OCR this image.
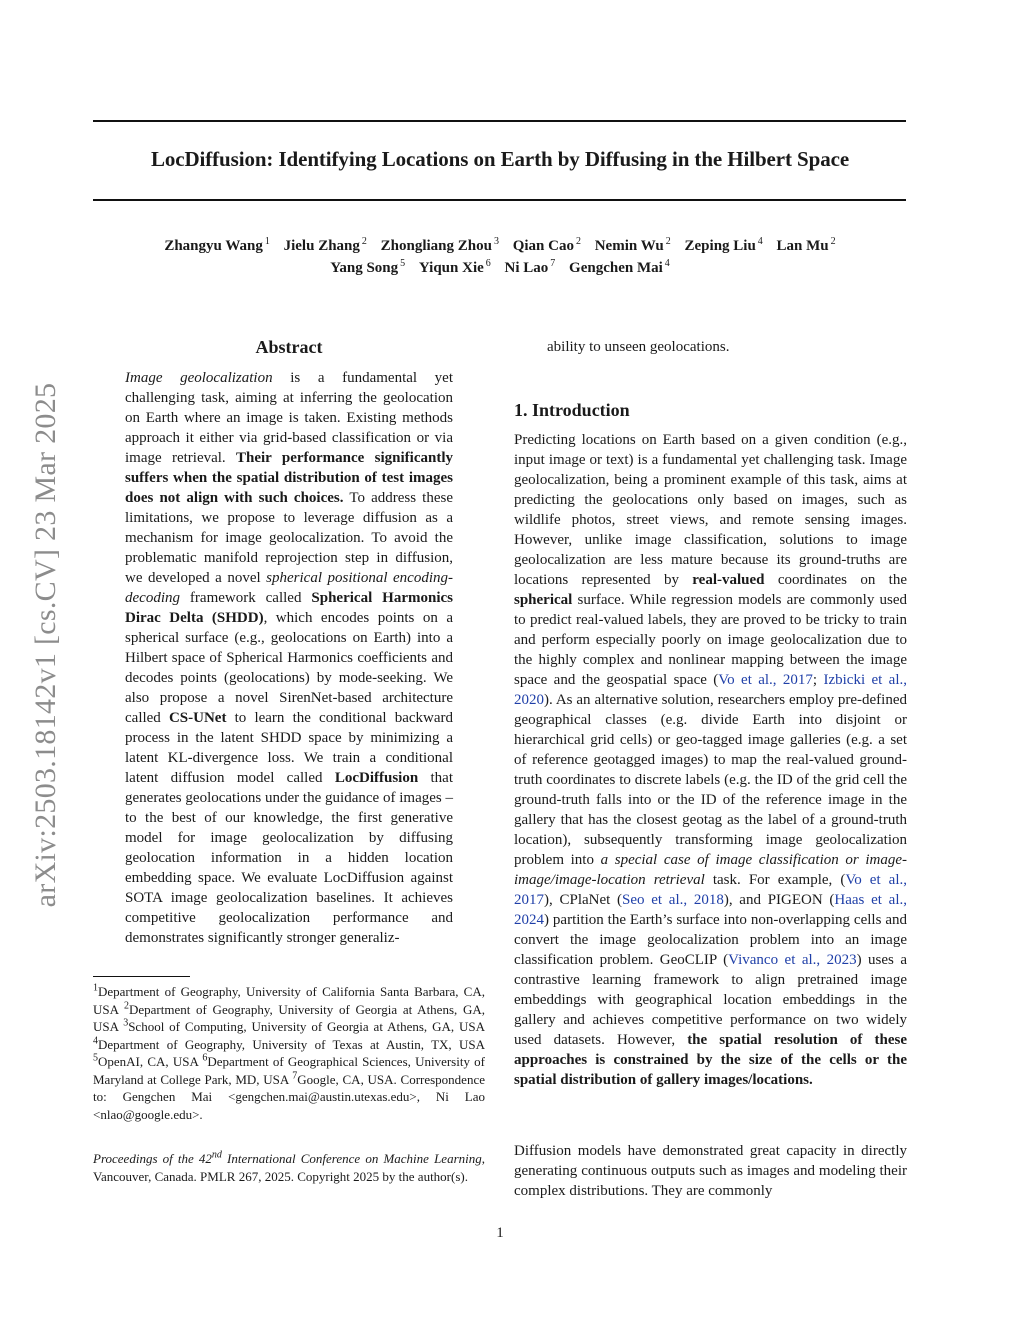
arXiv:2503.18142v1 [cs.CV] 23 Mar 2025
LocDiffusion: Identifying Locations on Earth by Diffusing in the Hilbert Space
Zhangyu Wang $^1$ Jielu Zhang $^2$ Zhongliang Zhou $^3$ Qian Cao $^2$ Nemin Wu $^2$ Zeping Liu $^4$ Lan Mu $^2$
Yang Song $^5$ Yiqun Xie $^6$ Ni Lao $^7$ Gengchen Mai $^4$
Abstract
Image geolocalization is a fundamental yet challenging task, aiming at inferring the geolocation on Earth where an image is taken. Existing methods approach it either via grid-based classification or via image retrieval. Their performance significantly suffers when the spatial distribution of test images does not align with such choices. To address these limitations, we propose to leverage diffusion as a mechanism for image geolocalization. To avoid the problematic manifold reprojection step in diffusion, we developed a novel spherical positional encoding-decoding framework called Spherical Harmonics Dirac Delta (SHDD), which encodes points on a spherical surface (e.g., geolocations on Earth) into a Hilbert space of Spherical Harmonics coefficients and decodes points (geolocations) by mode-seeking. We also propose a novel SirenNet-based architecture called CS-UNet to learn the conditional backward process in the latent SHDD space by minimizing a latent KL-divergence loss. We train a conditional latent diffusion model called LocDiffusion that generates geolocations under the guidance of images – to the best of our knowledge, the first generative model for image geolocalization by diffusing geolocation information in a hidden location embedding space. We evaluate LocDiffusion against SOTA image geolocalization baselines. It achieves competitive geolocalization performance and demonstrates significantly stronger generaliz-
ability to unseen geolocations.
$^1$Department of Geography, University of California Santa Barbara, CA, USA $^2$Department of Geography, University of Georgia at Athens, GA, USA $^3$School of Computing, University of Georgia at Athens, GA, USA $^4$Department of Geography, University of Texas at Austin, TX, USA $^5$OpenAI, CA, USA $^6$Department of Geographical Sciences, University of Maryland at College Park, MD, USA $^7$Google, CA, USA. Correspondence to: Gengchen Mai <gengchen.mai@austin.utexas.edu>, Ni Lao <nlao@google.edu>.
Proceedings of the 42nd International Conference on Machine Learning, Vancouver, Canada. PMLR 267, 2025. Copyright 2025 by the author(s).
1. Introduction
Predicting locations on Earth based on a given condition (e.g., input image or text) is a fundamental yet challenging task. Image geolocalization, being a prominent example of this task, aims at predicting the geolocations only based on images, such as wildlife photos, street views, and remote sensing images. However, unlike image classification, solutions to image geolocalization are less mature because its ground-truths are locations represented by real-valued coordinates on the spherical surface. While regression models are commonly used to predict real-valued labels, they are proved to be tricky to train and perform especially poorly on image geolocalization due to the highly complex and nonlinear mapping between the image space and the geospatial space (Vo et al., 2017; Izbicki et al., 2020). As an alternative solution, researchers employ pre-defined geographical classes (e.g. divide Earth into disjoint or hierarchical grid cells) or geo-tagged image galleries (e.g. a set of reference geotagged images) to map the real-valued ground-truth coordinates to discrete labels (e.g. the ID of the grid cell the ground-truth falls into or the ID of the reference image in the gallery that has the closest geotag as the label of a ground-truth location), subsequently transforming image geolocalization problem into a special case of image classification or image-image/image-location retrieval task. For example, (Vo et al., 2017), CPlaNet (Seo et al., 2018), and PIGEON (Haas et al., 2024) partition the Earth’s surface into non-overlapping cells and convert the image geolocalization problem into an image classification problem. GeoCLIP (Vivanco et al., 2023) uses a contrastive learning framework to align pretrained image embeddings with geographical location embeddings in the gallery and achieves competitive performance on two widely used datasets. However, the spatial resolution of these approaches is constrained by the size of the cells or the spatial distribution of gallery images/locations.
Diffusion models have demonstrated great capacity in directly generating continuous outputs such as images and modeling their complex distributions. They are commonly
1
